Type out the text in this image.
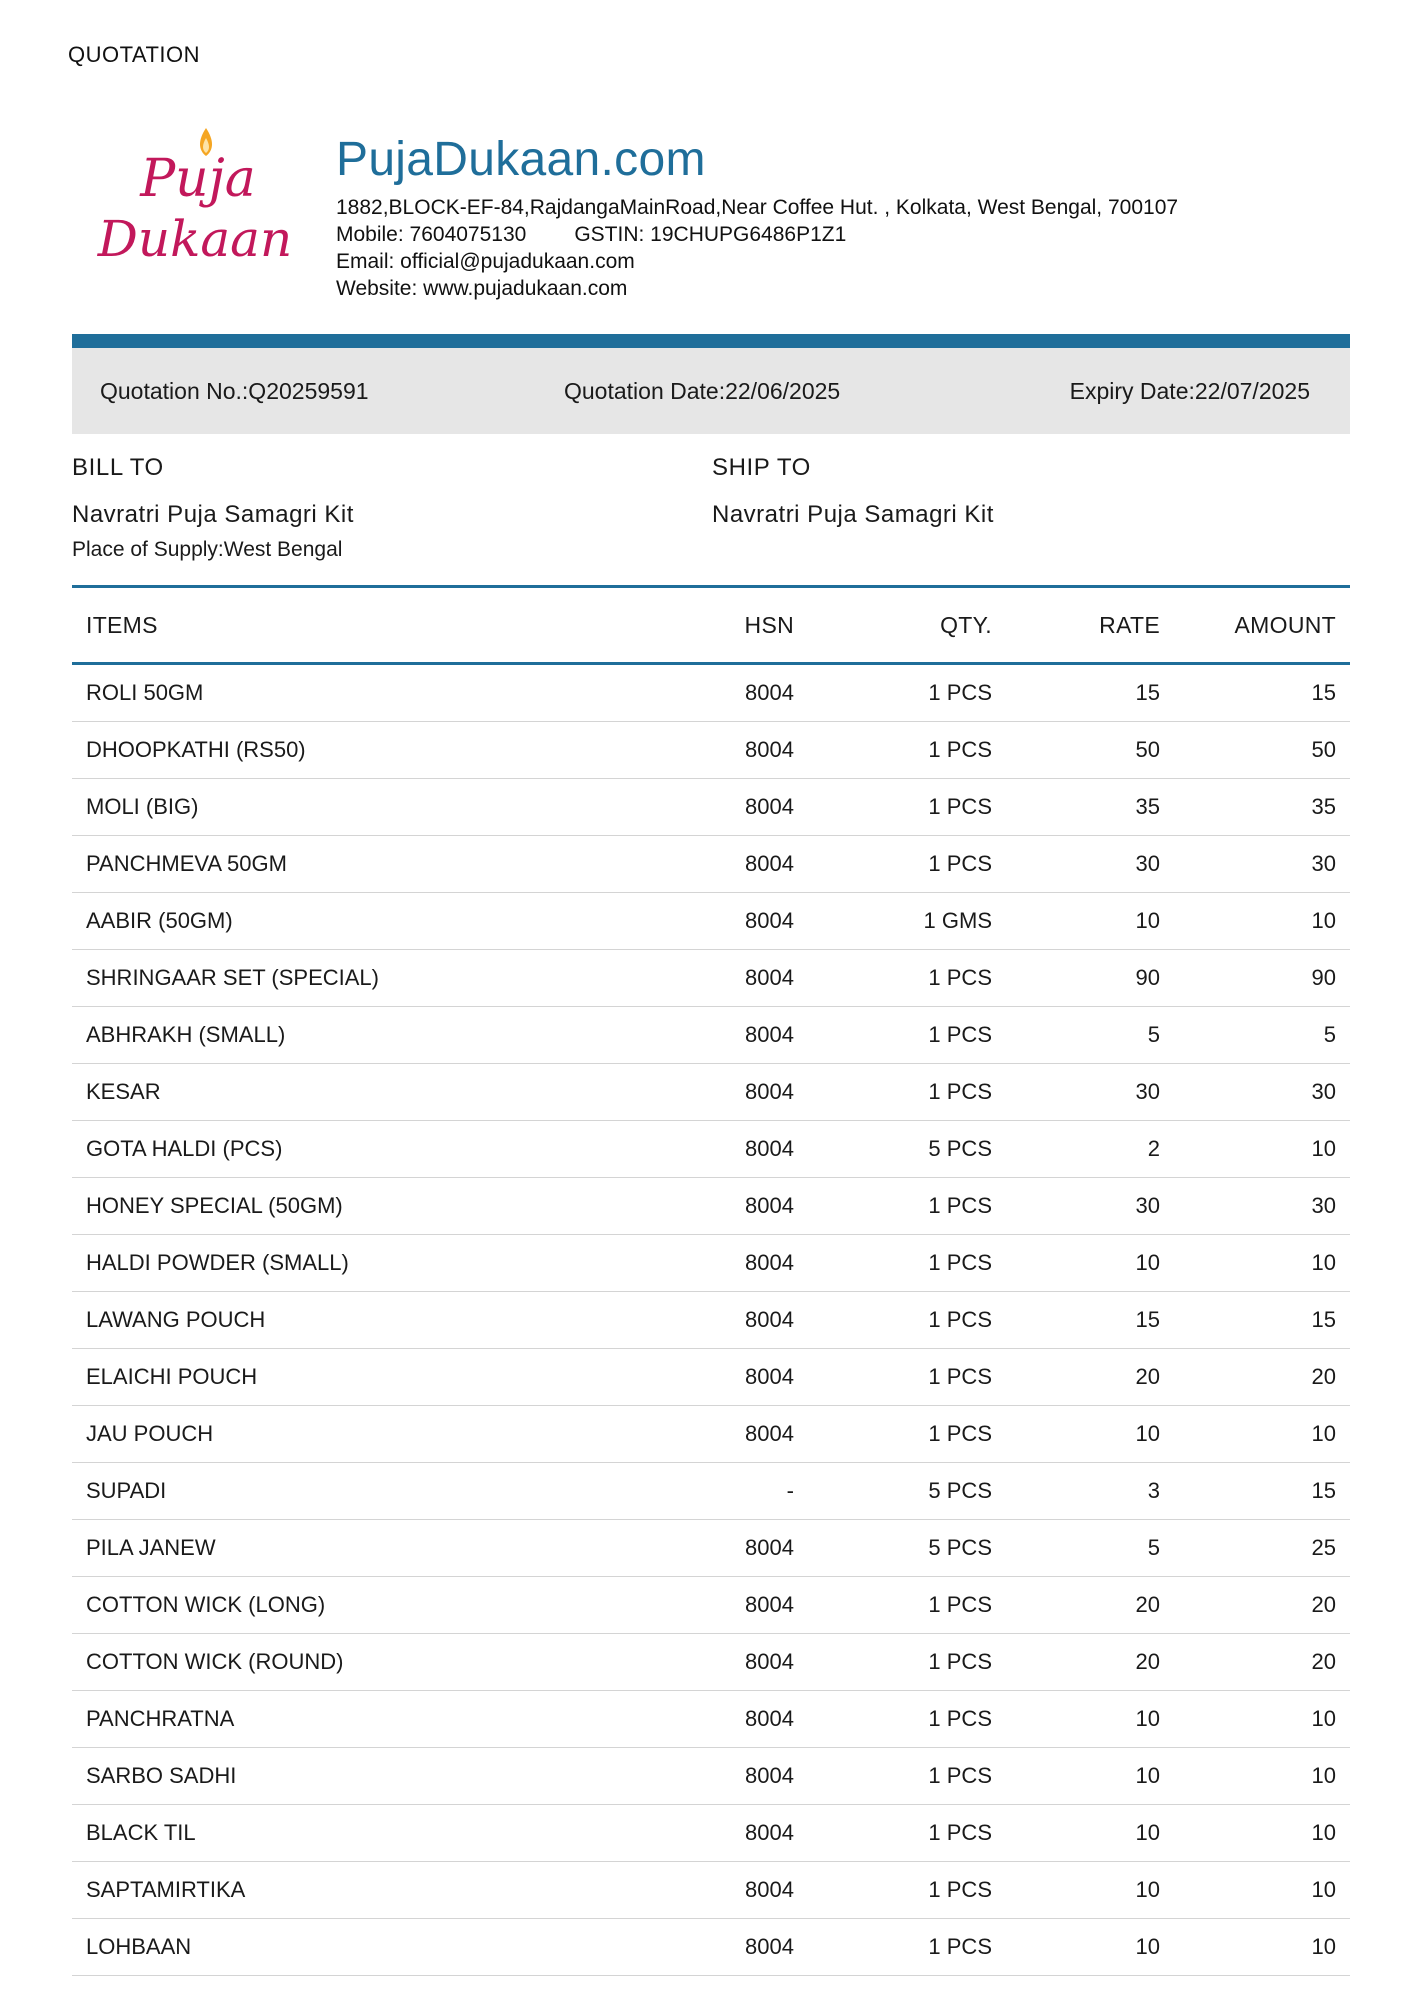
QUOTATION
Puja
Dukaan
PujaDukaan.com
1882,BLOCK-EF-84,RajdangaMainRoad,Near Coffee Hut. , Kolkata, West Bengal, 700107
Mobile: 7604075130 GSTIN: 19CHUPG6486P1Z1
Email: official@pujadukaan.com
Website: www.pujadukaan.com
Quotation No.:Q20259591	Quotation Date:22/06/2025	Expiry Date:22/07/2025
BILL TO
Navratri Puja Samagri Kit
Place of Supply:West Bengal
SHIP TO
Navratri Puja Samagri Kit
ITEMS	HSN	QTY.	RATE	AMOUNT
ROLI 50GM	8004	1 PCS	15	15
DHOOPKATHI (RS50)	8004	1 PCS	50	50
MOLI (BIG)	8004	1 PCS	35	35
PANCHMEVA 50GM	8004	1 PCS	30	30
AABIR (50GM)	8004	1 GMS	10	10
SHRINGAAR SET (SPECIAL)	8004	1 PCS	90	90
ABHRAKH (SMALL)	8004	1 PCS	5	5
KESAR	8004	1 PCS	30	30
GOTA HALDI (PCS)	8004	5 PCS	2	10
HONEY SPECIAL (50GM)	8004	1 PCS	30	30
HALDI POWDER (SMALL)	8004	1 PCS	10	10
LAWANG POUCH	8004	1 PCS	15	15
ELAICHI POUCH	8004	1 PCS	20	20
JAU POUCH	8004	1 PCS	10	10
SUPADI	-	5 PCS	3	15
PILA JANEW	8004	5 PCS	5	25
COTTON WICK (LONG)	8004	1 PCS	20	20
COTTON WICK (ROUND)	8004	1 PCS	20	20
PANCHRATNA	8004	1 PCS	10	10
SARBO SADHI	8004	1 PCS	10	10
BLACK TIL	8004	1 PCS	10	10
SAPTAMIRTIKA	8004	1 PCS	10	10
LOHBAAN	8004	1 PCS	10	10
